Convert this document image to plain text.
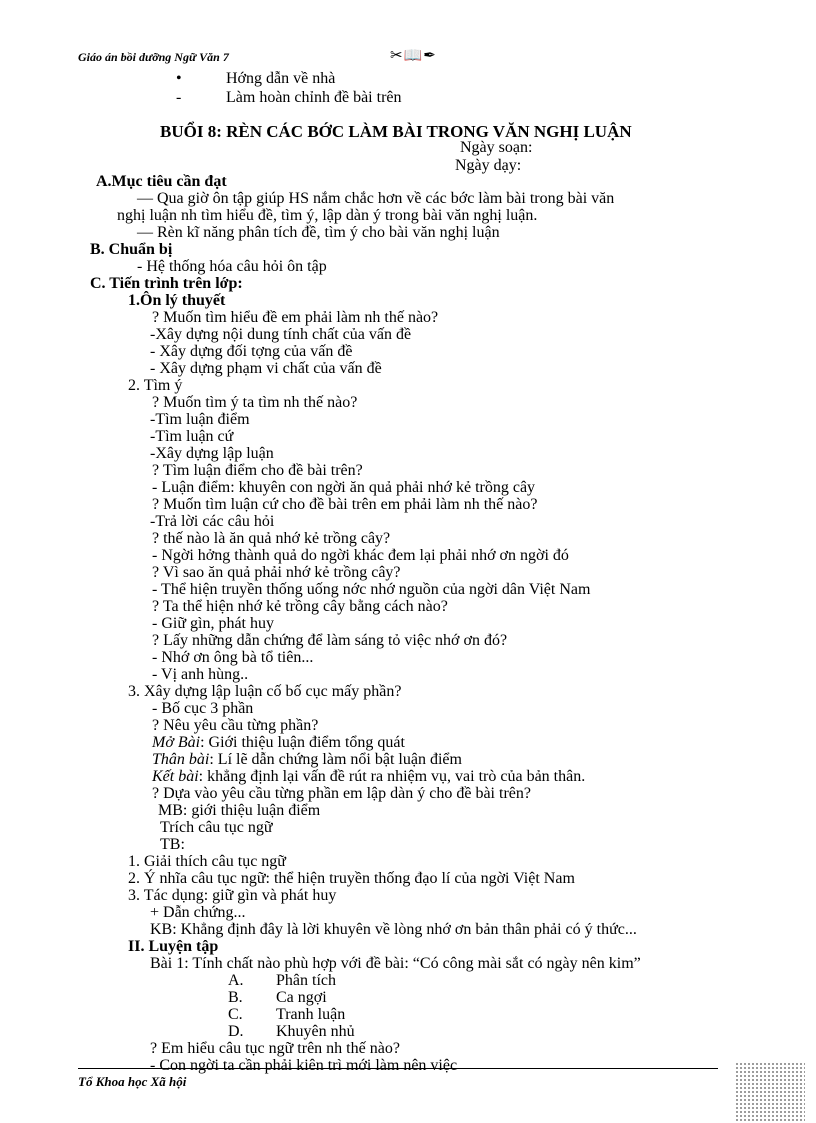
Giáo án bồi dưỡng Ngữ Văn 7	✂📖✒
•	Hớng dẫn về nhà
-	Làm hoàn chỉnh đề bài trên
BUỔI 8: RÈN CÁC BỚC LÀM BÀI TRONG VĂN NGHỊ LUẬN
Ngày soạn:
Ngày dạy:
A.Mục tiêu cần đạt
— Qua giờ ôn tập giúp HS nắm chắc hơn về các bớc làm bài trong bài văn
nghị luận nh tìm hiểu đề, tìm ý, lập dàn ý trong bài văn nghị luận.
— Rèn kĩ năng phân tích đề, tìm ý cho bài văn nghị luận
B. Chuẩn bị
- Hệ thống hóa câu hỏi ôn tập
C. Tiến trình trên lớp:
1.Ôn lý thuyết
? Muốn tìm hiểu đề em phải làm nh thế nào?
-Xây dựng nội dung tính chất của vấn đề
- Xây dựng đối tợng của vấn đề
- Xây dựng phạm vi chất của vấn đề
2. Tìm ý
? Muốn tìm ý ta tìm nh thế nào?
-Tìm luận điểm
-Tìm luận cứ
-Xây dựng lập luận
? Tìm luận điểm cho đề bài trên?
- Luận điểm: khuyên con ngời ăn quả phải nhớ kẻ trồng cây
? Muốn tìm luận cứ cho đề bài trên em phải làm nh thế nào?
-Trả lời các câu hỏi
? thế nào là ăn quả nhớ kẻ trồng cây?
- Ngời hởng thành quả do ngời khác đem lại phải nhớ ơn ngời đó
? Vì sao ăn quả phải nhớ kẻ trồng cây?
- Thể hiện truyền thống uống nớc nhớ nguồn của ngời dân Việt Nam
? Ta thể hiện nhớ kẻ trồng cây bằng cách nào?
- Giữ gìn, phát huy
? Lấy những dẫn chứng để làm sáng tỏ việc nhớ ơn đó?
- Nhớ ơn ông bà tổ tiên...
- Vị anh hùng..
3. Xây dựng lập luận cố bố cục mấy phần?
- Bố cục 3 phần
? Nêu yêu cầu từng phần?
Mở Bài: Giới thiệu luận điểm tổng quát
Thân bài: Lí lẽ dẫn chứng làm nổi bật luận điểm
Kết bài: khẳng định lại vấn đề rút ra nhiệm vụ, vai trò của bản thân.
? Dựa vào yêu cầu từng phần em lập dàn ý cho đề bài trên?
MB: giới thiệu luận điểm
Trích câu tục ngữ
TB:
1. Giải thích câu tục ngữ
2. Ý nhĩa câu tục ngữ: thể hiện truyền thống đạo lí của ngời Việt Nam
3. Tác dụng: giữ gìn và phát huy
+ Dẫn chứng...
KB: Khẳng định đây là lời khuyên về lòng nhớ ơn bản thân phải có ý thức...
II. Luyện tập
Bài 1: Tính chất nào phù hợp với đề bài: “Có công mài sắt có ngày nên kim”
A. Phân tích
B. Ca ngợi
C. Tranh luận
D. Khuyên nhủ
? Em hiểu câu tục ngữ trên nh thế nào?
- Con ngời ta cần phải kiên trì mới làm nên việc
Tổ Khoa học Xã hội
